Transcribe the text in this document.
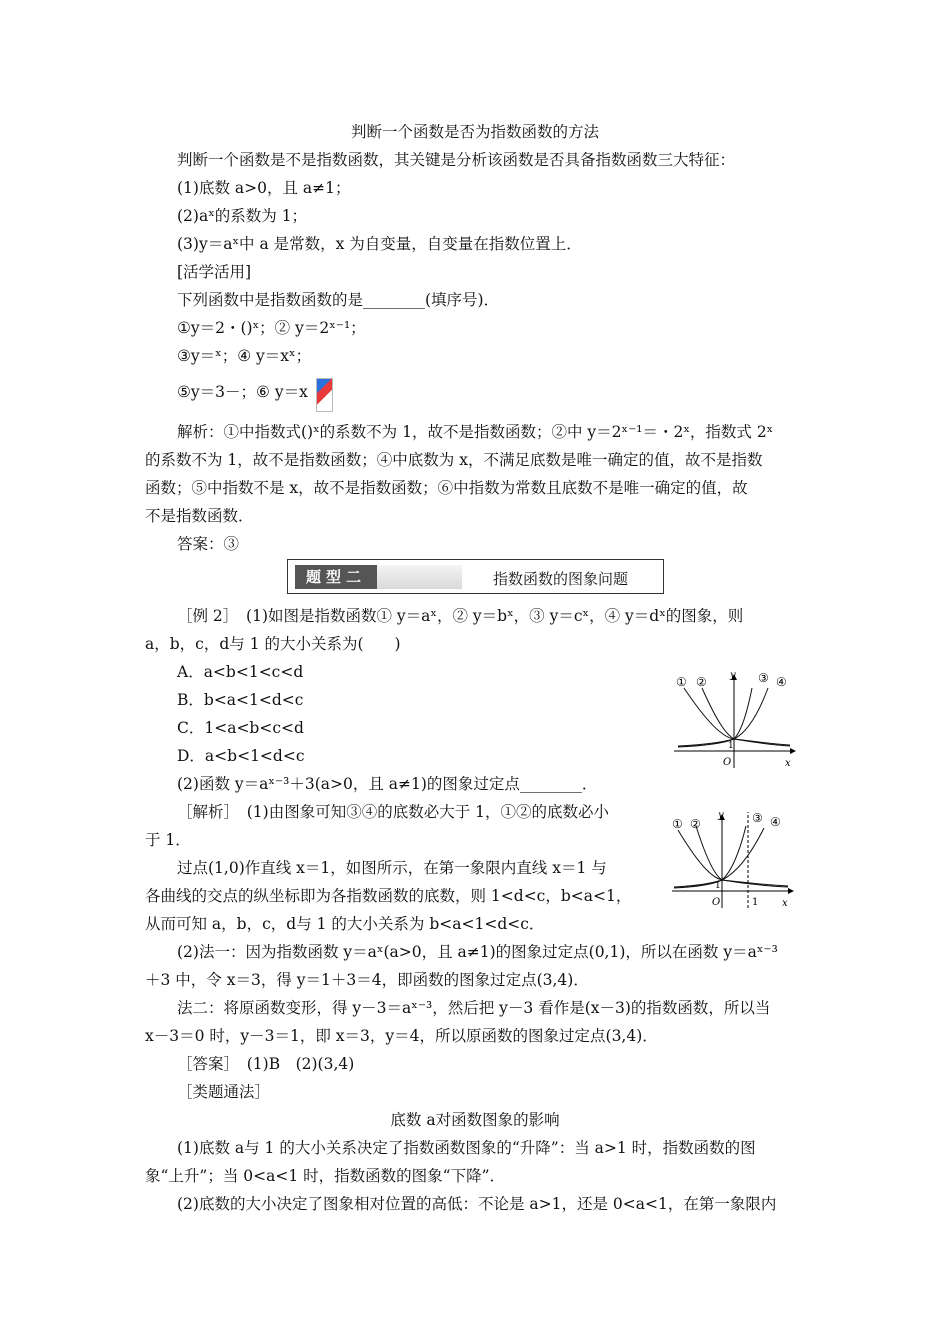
判断一个函数是否为指数函数的方法
判断一个函数是不是指数函数，其关键是分析该函数是否具备指数函数三大特征：
(1)底数 a>0，且 a≠1；
(2)aˣ的系数为 1；
(3)y＝aˣ中 a 是常数，x 为自变量，自变量在指数位置上．
[活学活用]
下列函数中是指数函数的是________(填序号)．
①y＝2・()ˣ；② y＝2ˣ⁻¹；
③y＝ˣ；④ y＝xˣ；
⑤y＝3－；⑥ y＝x
解析：①中指数式()ˣ的系数不为 1，故不是指数函数；②中 y＝2ˣ⁻¹＝・2ˣ，指数式 2ˣ
的系数不为 1，故不是指数函数；④中底数为 x，不满足底数是唯一确定的值，故不是指数
函数；⑤中指数不是 x，故不是指数函数；⑥中指数为常数且底数不是唯一确定的值，故
不是指数函数．
答案：③
题型二	指数函数的图象问题
［例 2］　(1)如图是指数函数① y＝aˣ，② y＝bˣ，③ y＝cˣ，④ y＝dˣ的图象，则
a，b，c，d与 1 的大小关系为(　　)
A．a<b<1<c<d
B．b<a<1<d<c
C．1<a<b<c<d
D．a<b<1<d<c
(2)函数 y＝aˣ⁻³＋3(a>0，且 a≠1)的图象过定点________．
［解析］　(1)由图象可知③④的底数必大于 1，①②的底数必小
于 1．
过点(1,0)作直线 x＝1，如图所示，在第一象限内直线 x＝1 与
各曲线的交点的纵坐标即为各指数函数的底数，则 1<d<c，b<a<1，
从而可知 a，b，c，d与 1 的大小关系为 b<a<1<d<c．
(2)法一：因为指数函数 y＝aˣ(a>0，且 a≠1)的图象过定点(0,1)，所以在函数 y＝aˣ⁻³
＋3 中，令 x＝3，得 y＝1＋3＝4，即函数的图象过定点(3,4)．
法二：将原函数变形，得 y－3＝aˣ⁻³，然后把 y－3 看作是(x－3)的指数函数，所以当
x－3＝0 时，y－3＝1，即 x＝3，y＝4，所以原函数的图象过定点(3,4)．
［答案］　(1)B　(2)(3,4)
［类题通法］
底数 a对函数图象的影响
(1)底数 a与 1 的大小关系决定了指数函数图象的“升降”：当 a>1 时，指数函数的图
象“上升”；当 0<a<1 时，指数函数的图象“下降”．
(2)底数的大小决定了图象相对位置的高低：不论是 a>1，还是 0<a<1，在第一象限内
① ②	③ ④
y
x
O
1
① ②	③ ④
y
x
O
1
1
